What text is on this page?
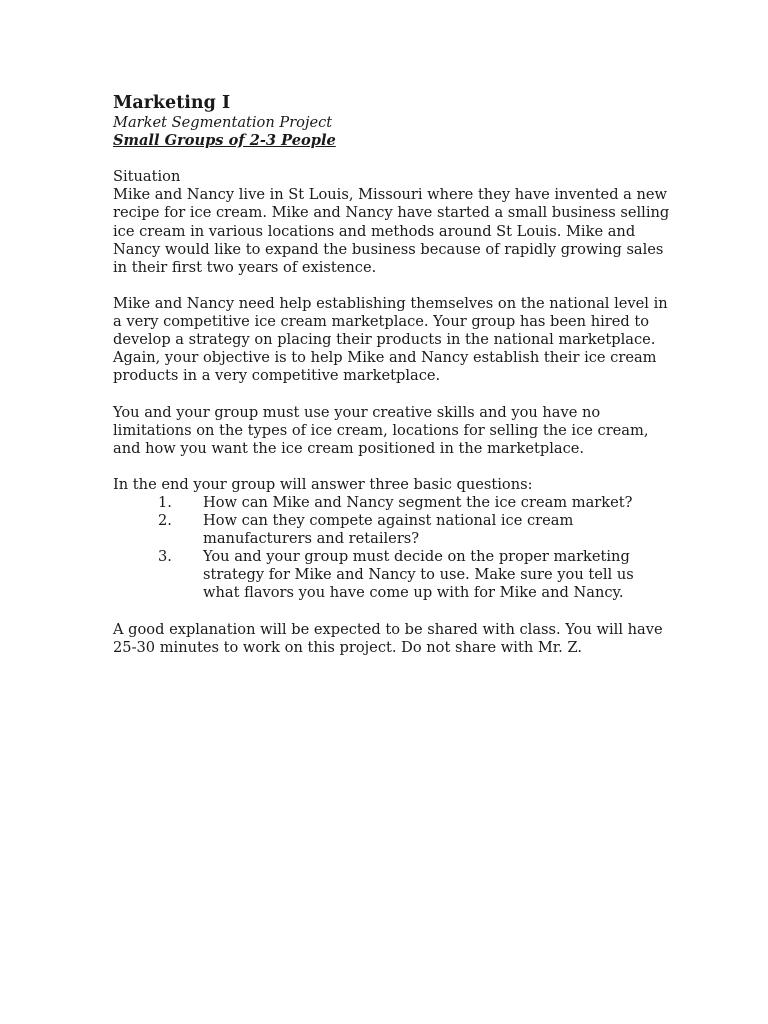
Marketing I

Market Segmentation Project

Small Groups of 2-3 People

Situation

Mike and Nancy live in St Louis, Missouri where they have invented a new recipe for ice cream. Mike and Nancy have started a small business selling ice cream in various locations and methods around St Louis. Mike and Nancy would like to expand the business because of rapidly growing sales in their first two years of existence.

Mike and Nancy need help establishing themselves on the national level in a very competitive ice cream marketplace. Your group has been hired to develop a strategy on placing their products in the national marketplace. Again, your objective is to help Mike and Nancy establish their ice cream products in a very competitive marketplace.

You and your group must use your creative skills and you have no limitations on the types of ice cream, locations for selling the ice cream, and how you want the ice cream positioned in the marketplace.

In the end your group will answer three basic questions:

1. How can Mike and Nancy segment the ice cream market?
2. How can they compete against national ice cream manufacturers and retailers?
3. You and your group must decide on the proper marketing strategy for Mike and Nancy to use. Make sure you tell us what flavors you have come up with for Mike and Nancy.

A good explanation will be expected to be shared with class. You will have 25-30 minutes to work on this project. Do not share with Mr. Z.
